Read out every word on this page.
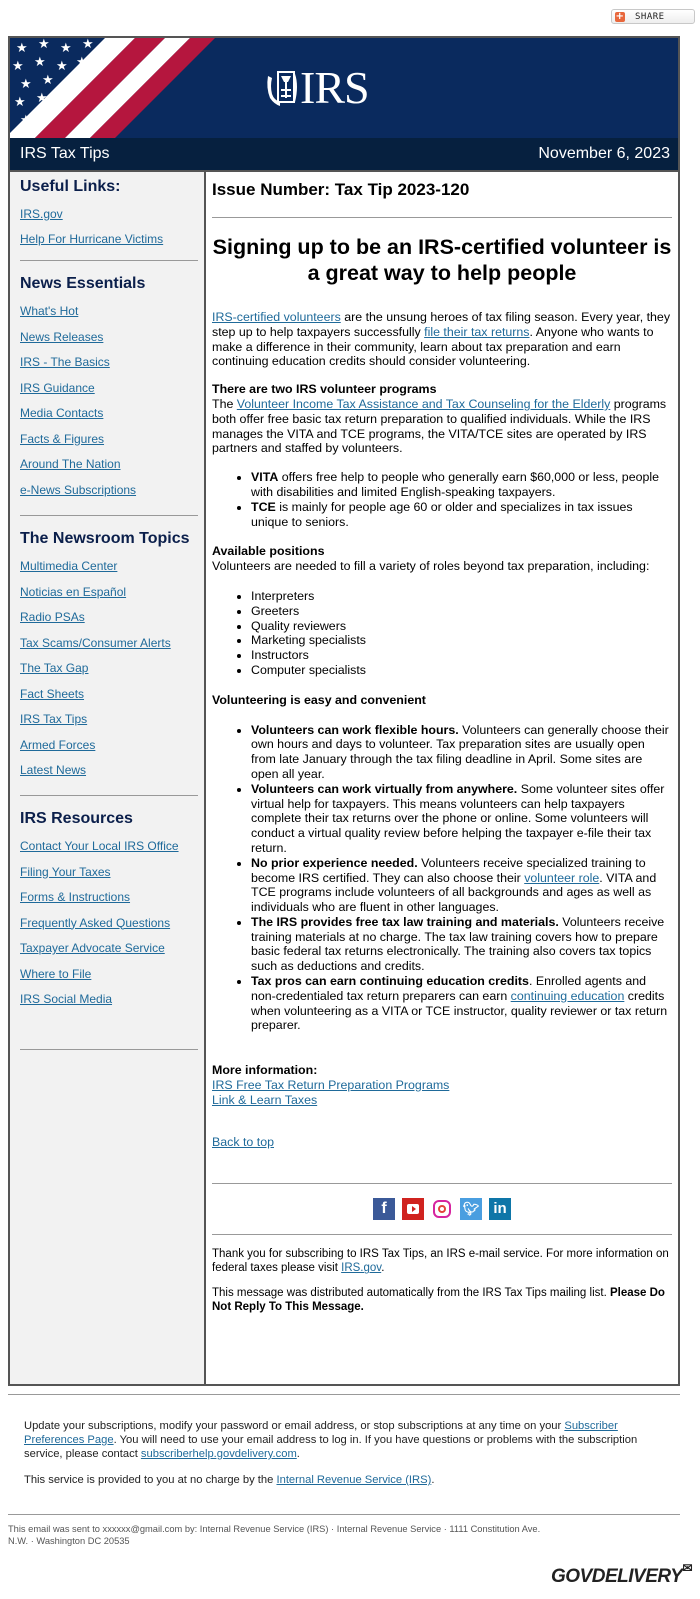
+ SHARE
★ ★ ★ ★
★ ★ ★ ★
★ ★ ★
★ ★ ★
★
IRS
IRS Tax Tips	November 6, 2023
Useful Links:
IRS.gov
Help For Hurricane Victims
News Essentials
What's Hot
News Releases
IRS - The Basics
IRS Guidance
Media Contacts
Facts & Figures
Around The Nation
e-News Subscriptions
The Newsroom Topics
Multimedia Center
Noticias en Español
Radio PSAs
Tax Scams/Consumer Alerts
The Tax Gap
Fact Sheets
IRS Tax Tips
Armed Forces
Latest News
IRS Resources
Contact Your Local IRS Office
Filing Your Taxes
Forms & Instructions
Frequently Asked Questions
Taxpayer Advocate Service
Where to File
IRS Social Media
Issue Number: Tax Tip 2023-120
Signing up to be an IRS-certified volunteer is a great way to help people

IRS-certified volunteers are the unsung heroes of tax filing season. Every year, they step up to help taxpayers successfully file their tax returns. Anyone who wants to make a difference in their community, learn about tax preparation and earn continuing education credits should consider volunteering.

There are two IRS volunteer programs
The Volunteer Income Tax Assistance and Tax Counseling for the Elderly programs both offer free basic tax return preparation to qualified individuals. While the IRS manages the VITA and TCE programs, the VITA/TCE sites are operated by IRS partners and staffed by volunteers.

• VITA offers free help to people who generally earn $60,000 or less, people with disabilities and limited English-speaking taxpayers.
• TCE is mainly for people age 60 or older and specializes in tax issues unique to seniors.

Available positions
Volunteers are needed to fill a variety of roles beyond tax preparation, including:

• Interpreters
• Greeters
• Quality reviewers
• Marketing specialists
• Instructors
• Computer specialists

Volunteering is easy and convenient

• Volunteers can work flexible hours. Volunteers can generally choose their own hours and days to volunteer. Tax preparation sites are usually open from late January through the tax filing deadline in April. Some sites are open all year.
• Volunteers can work virtually from anywhere. Some volunteer sites offer virtual help for taxpayers. This means volunteers can help taxpayers complete their tax returns over the phone or online. Some volunteers will conduct a virtual quality review before helping the taxpayer e-file their tax return.
• No prior experience needed. Volunteers receive specialized training to become IRS certified. They can also choose their volunteer role. VITA and TCE programs include volunteers of all backgrounds and ages as well as individuals who are fluent in other languages.
• The IRS provides free tax law training and materials. Volunteers receive training materials at no charge. The tax law training covers how to prepare basic federal tax returns electronically. The training also covers tax topics such as deductions and credits.
• Tax pros can earn continuing education credits. Enrolled agents and non-credentialed tax return preparers can earn continuing education credits when volunteering as a VITA or TCE instructor, quality reviewer or tax return preparer.

More information:
IRS Free Tax Return Preparation Programs
Link & Learn Taxes

Back to top

f	🐦︎ in

Thank you for subscribing to IRS Tax Tips, an IRS e-mail service. For more information on federal taxes please visit IRS.gov.

This message was distributed automatically from the IRS Tax Tips mailing list. Please Do Not Reply To This Message.

Update your subscriptions, modify your password or email address, or stop subscriptions at any time on your Subscriber Preferences Page. You will need to use your email address to log in. If you have questions or problems with the subscription service, please contact subscriberhelp.govdelivery.com.

This service is provided to you at no charge by the Internal Revenue Service (IRS).

This email was sent to xxxxxx@gmail.com by: Internal Revenue Service (IRS) · Internal Revenue Service · 1111 Constitution Ave. N.W. · Washington DC 20535

GOVDELIVERY✉
